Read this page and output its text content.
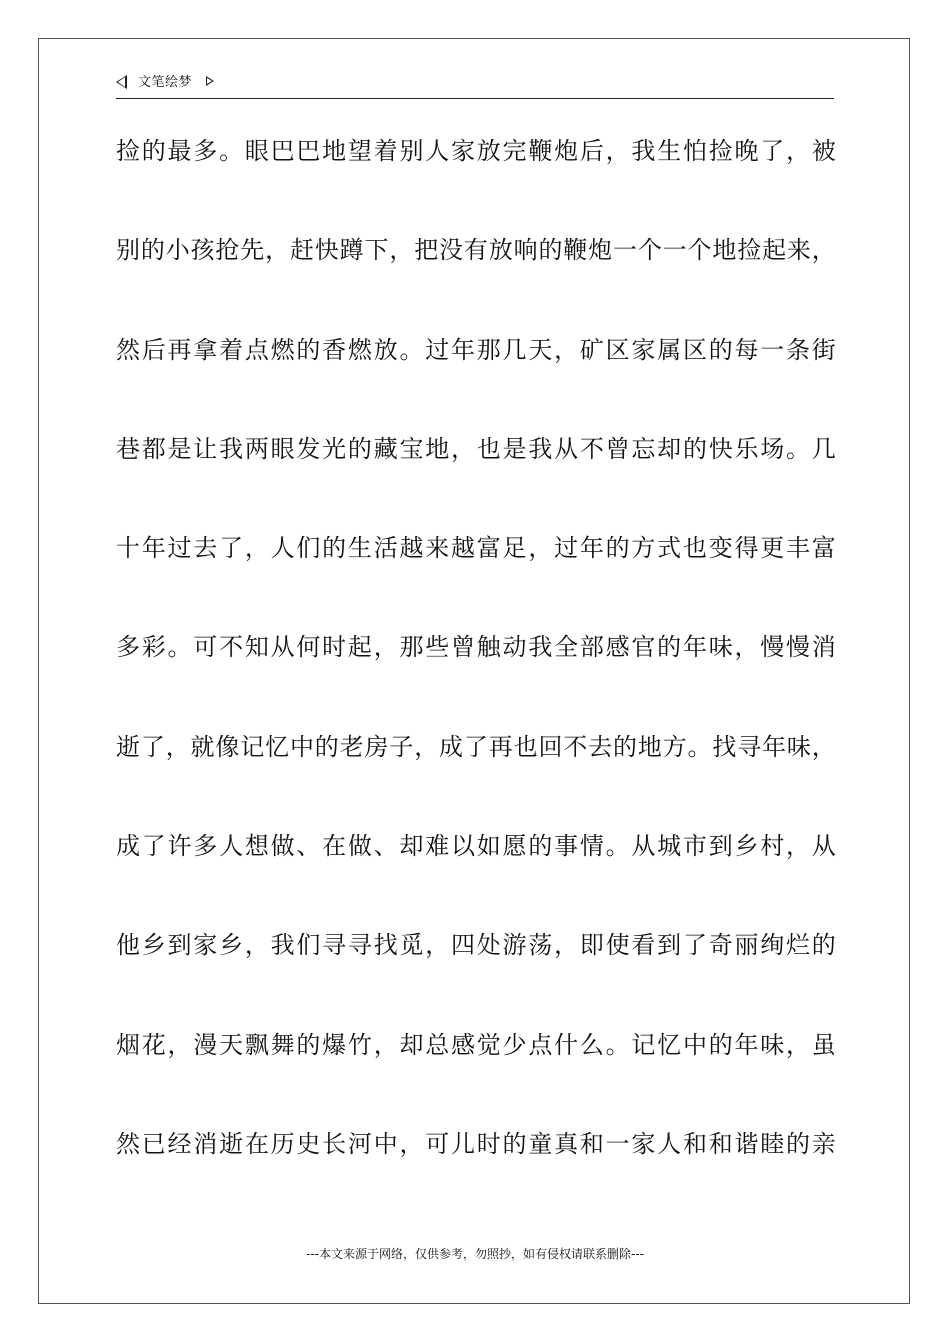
文笔绘梦
捡的最多。眼巴巴地望着别人家放完鞭炮后，我生怕捡晚了，被
别的小孩抢先，赶快蹲下，把没有放响的鞭炮一个一个地捡起来，
然后再拿着点燃的香燃放。过年那几天，矿区家属区的每一条街
巷都是让我两眼发光的藏宝地，也是我从不曾忘却的快乐场。几
十年过去了，人们的生活越来越富足，过年的方式也变得更丰富
多彩。可不知从何时起，那些曾触动我全部感官的年味，慢慢消
逝了，就像记忆中的老房子，成了再也回不去的地方。找寻年味，
成了许多人想做、在做、却难以如愿的事情。从城市到乡村，从
他乡到家乡，我们寻寻找觅，四处游荡，即使看到了奇丽绚烂的
烟花，漫天飘舞的爆竹，却总感觉少点什么。记忆中的年味，虽
然已经消逝在历史长河中，可儿时的童真和一家人和和谐睦的亲
---本文来源于网络，仅供参考，勿照抄，如有侵权请联系删除---
